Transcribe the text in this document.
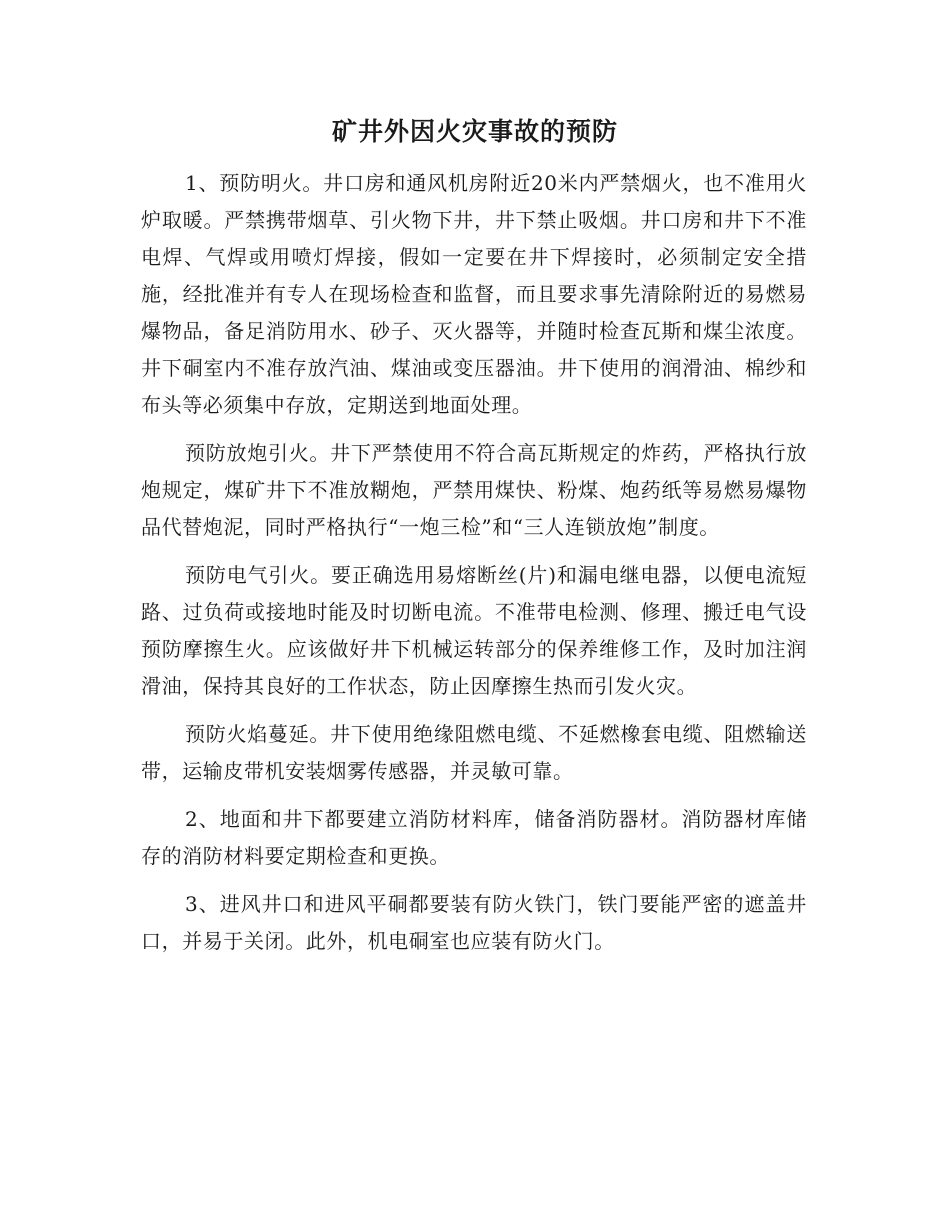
矿井外因火灾事故的预防

1、预防明火。井口房和通风机房附近20米内严禁烟火，也不准用火炉取暖。严禁携带烟草、引火物下井，井下禁止吸烟。井口房和井下不准电焊、气焊或用喷灯焊接，假如一定要在井下焊接时，必须制定安全措施，经批准并有专人在现场检查和监督，而且要求事先清除附近的易燃易爆物品，备足消防用水、砂子、灭火器等，并随时检查瓦斯和煤尘浓度。井下硐室内不准存放汽油、煤油或变压器油。井下使用的润滑油、棉纱和布头等必须集中存放，定期送到地面处理。

预防放炮引火。井下严禁使用不符合高瓦斯规定的炸药，严格执行放炮规定，煤矿井下不准放糊炮，严禁用煤快、粉煤、炮药纸等易燃易爆物品代替炮泥，同时严格执行“一炮三检”和“三人连锁放炮”制度。

预防电气引火。要正确选用易熔断丝(片)和漏电继电器，以便电流短路、过负荷或接地时能及时切断电流。不准带电检测、修理、搬迁电气设预防摩擦生火。应该做好井下机械运转部分的保养维修工作，及时加注润滑油，保持其良好的工作状态，防止因摩擦生热而引发火灾。

预防火焰蔓延。井下使用绝缘阻燃电缆、不延燃橡套电缆、阻燃输送带，运输皮带机安装烟雾传感器，并灵敏可靠。

2、地面和井下都要建立消防材料库，储备消防器材。消防器材库储存的消防材料要定期检查和更换。

3、进风井口和进风平硐都要装有防火铁门，铁门要能严密的遮盖井口，并易于关闭。此外，机电硐室也应装有防火门。
